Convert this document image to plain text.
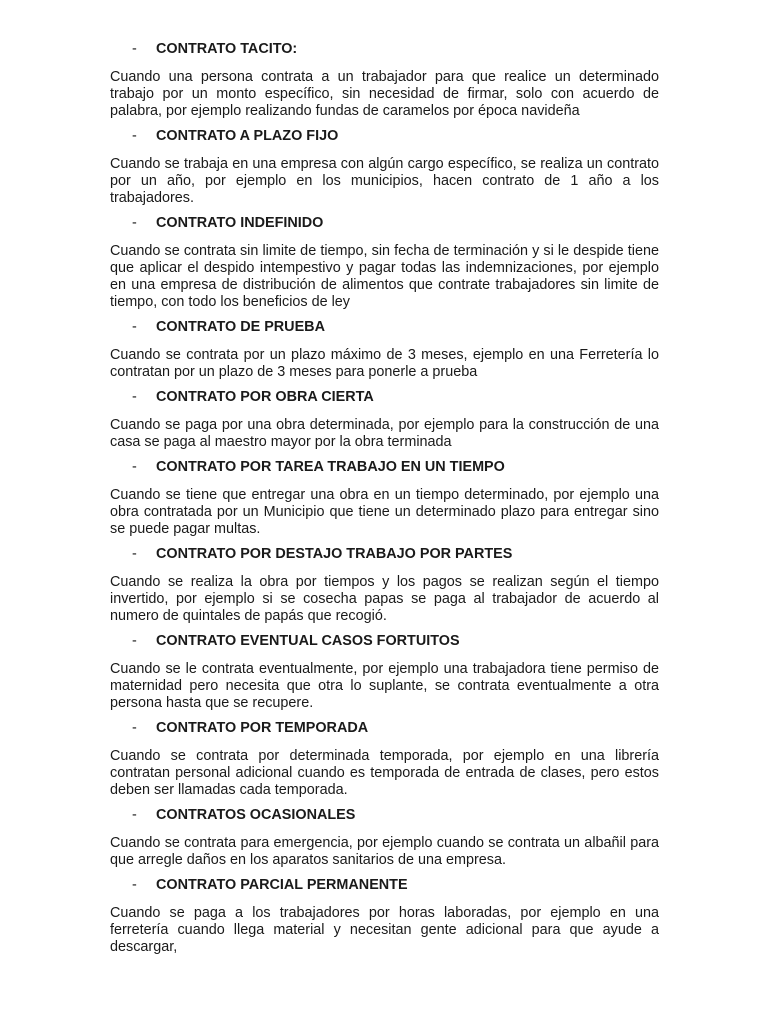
-	CONTRATO TACITO:

Cuando una persona contrata a un trabajador para que realice un determinado trabajo por un monto específico, sin necesidad de firmar, solo con acuerdo de palabra, por ejemplo realizando fundas de caramelos por época navideña

-	CONTRATO A PLAZO FIJO

Cuando se trabaja en una empresa con algún cargo específico, se realiza un contrato por un año, por ejemplo en los municipios, hacen contrato de 1 año a los trabajadores.

-	CONTRATO INDEFINIDO

Cuando se contrata sin limite de tiempo, sin fecha de terminación y si le despide tiene que aplicar el despido intempestivo y pagar todas las indemnizaciones, por ejemplo en una empresa de distribución de alimentos que contrate trabajadores sin limite de tiempo, con todo los beneficios de ley

-	CONTRATO DE PRUEBA

Cuando se contrata por un plazo máximo de 3 meses, ejemplo en una Ferretería lo contratan por un plazo de 3 meses para ponerle a prueba

-	CONTRATO POR OBRA CIERTA

Cuando se paga por una obra determinada, por ejemplo para la construcción de una casa se paga al maestro mayor por la obra terminada

-	CONTRATO POR TAREA TRABAJO EN UN TIEMPO

Cuando se tiene que entregar una obra en un tiempo determinado, por ejemplo una obra contratada por un Municipio que tiene un determinado plazo para entregar sino se puede pagar multas.

-	CONTRATO POR DESTAJO TRABAJO POR PARTES

Cuando se realiza la obra por tiempos y los pagos se realizan según el tiempo invertido, por ejemplo si se cosecha papas se paga al trabajador de acuerdo al numero de quintales de papás que recogió.

-	CONTRATO EVENTUAL CASOS FORTUITOS

Cuando se le contrata eventualmente, por ejemplo una trabajadora tiene permiso de maternidad pero necesita que otra lo suplante, se contrata eventualmente a otra persona hasta que se recupere.

-	CONTRATO POR TEMPORADA

Cuando se contrata por determinada temporada, por ejemplo en una librería contratan personal adicional cuando es temporada de entrada de clases, pero estos deben ser llamadas cada temporada.

-	CONTRATOS OCASIONALES

Cuando se contrata para emergencia, por ejemplo cuando se contrata un albañil para que arregle daños en los aparatos sanitarios de una empresa.

-	CONTRATO PARCIAL PERMANENTE

Cuando se paga a los trabajadores por horas laboradas, por ejemplo en una ferretería cuando llega material y necesitan gente adicional para que ayude a descargar,
